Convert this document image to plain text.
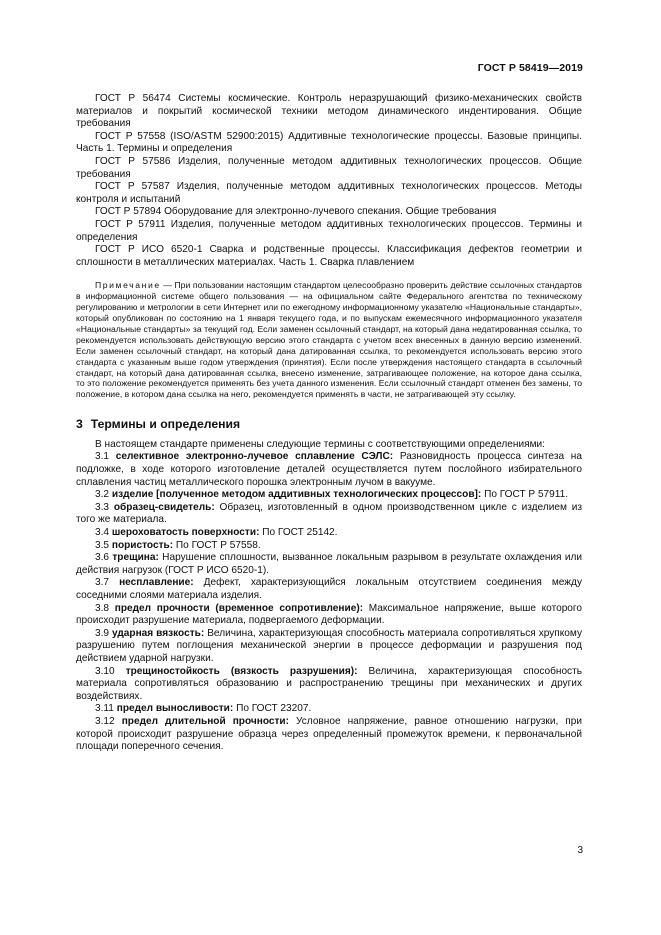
ГОСТ Р 58419—2019

ГОСТ Р 56474 Системы космические. Контроль неразрушающий физико-механических свойств материалов и покрытий космической техники методом динамического индентирования. Общие требования

ГОСТ Р 57558 (ISO/ASTM 52900:2015) Аддитивные технологические процессы. Базовые принципы. Часть 1. Термины и определения

ГОСТ Р 57586 Изделия, полученные методом аддитивных технологических процессов. Общие требования

ГОСТ Р 57587 Изделия, полученные методом аддитивных технологических процессов. Методы контроля и испытаний

ГОСТ Р 57894 Оборудование для электронно-лучевого спекания. Общие требования

ГОСТ Р 57911 Изделия, полученные методом аддитивных технологических процессов. Термины и определения

ГОСТ Р ИСО 6520-1 Сварка и родственные процессы. Классификация дефектов геометрии и сплошности в металлических материалах. Часть 1. Сварка плавлением

Примечание — При пользовании настоящим стандартом целесообразно проверить действие ссылочных стандартов в информационной системе общего пользования — на официальном сайте Федерального агентства по техническому регулированию и метрологии в сети Интернет или по ежегодному информационному указателю «Национальные стандарты», который опубликован по состоянию на 1 января текущего года, и по выпускам ежемесячного информационного указателя «Национальные стандарты» за текущий год. Если заменен ссылочный стандарт, на который дана недатированная ссылка, то рекомендуется использовать действующую версию этого стандарта с учетом всех внесенных в данную версию изменений. Если заменен ссылочный стандарт, на который дана датированная ссылка, то рекомендуется использовать версию этого стандарта с указанным выше годом утверждения (принятия). Если после утверждения настоящего стандарта в ссылочный стандарт, на который дана датированная ссылка, внесено изменение, затрагивающее положение, на которое дана ссылка, то это положение рекомендуется применять без учета данного изменения. Если ссылочный стандарт отменен без замены, то положение, в котором дана ссылка на него, рекомендуется применять в части, не затрагивающей эту ссылку.

3 Термины и определения

В настоящем стандарте применены следующие термины с соответствующими определениями:

3.1 селективное электронно-лучевое сплавление СЭЛС: Разновидность процесса синтеза на подложке, в ходе которого изготовление деталей осуществляется путем послойного избирательного сплавления частиц металлического порошка электронным лучом в вакууме.

3.2 изделие [полученное методом аддитивных технологических процессов]: По ГОСТ Р 57911.

3.3 образец-свидетель: Образец, изготовленный в одном производственном цикле с изделием из того же материала.

3.4 шероховатость поверхности: По ГОСТ 25142.

3.5 пористость: По ГОСТ Р 57558.

3.6 трещина: Нарушение сплошности, вызванное локальным разрывом в результате охлаждения или действия нагрузок (ГОСТ Р ИСО 6520-1).

3.7 несплавление: Дефект, характеризующийся локальным отсутствием соединения между соседними слоями материала изделия.

3.8 предел прочности (временное сопротивление): Максимальное напряжение, выше которого происходит разрушение материала, подвергаемого деформации.

3.9 ударная вязкость: Величина, характеризующая способность материала сопротивляться хрупкому разрушению путем поглощения механической энергии в процессе деформации и разрушения под действием ударной нагрузки.

3.10 трещиностойкость (вязкость разрушения): Величина, характеризующая способность материала сопротивляться образованию и распространению трещины при механических и других воздействиях.

3.11 предел выносливости: По ГОСТ 23207.

3.12 предел длительной прочности: Условное напряжение, равное отношению нагрузки, при которой происходит разрушение образца через определенный промежуток времени, к первоначальной площади поперечного сечения.

3
